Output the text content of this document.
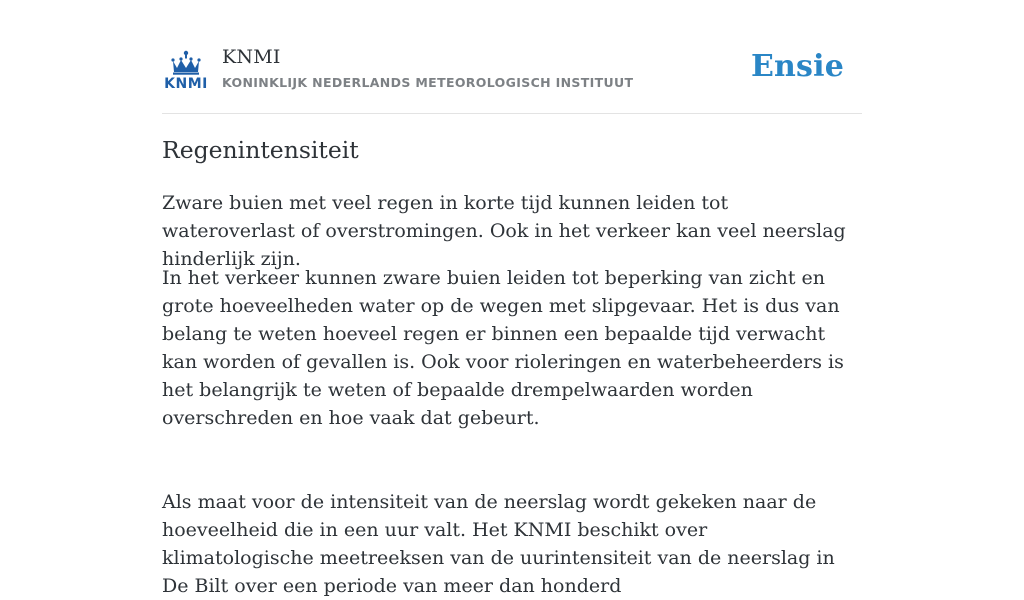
KNMI
KNMI
KONINKLIJK NEDERLANDS METEOROLOGISCH INSTITUUT	Ensie
Regenintensiteit

Zware buien met veel regen in korte tijd kunnen leiden tot wateroverlast of overstromingen. Ook in het verkeer kan veel neerslag hinderlijk zijn.

In het verkeer kunnen zware buien leiden tot beperking van zicht en grote hoeveelheden water op de wegen met slipgevaar. Het is dus van belang te weten hoeveel regen er binnen een bepaalde tijd verwacht kan worden of gevallen is. Ook voor rioleringen en waterbeheerders is het belangrijk te weten of bepaalde drempelwaarden worden overschreden en hoe vaak dat gebeurt.
Als maat voor de intensiteit van de neerslag wordt gekeken naar de hoeveelheid die in een uur valt. Het KNMI beschikt over klimatologische meetreeksen van de uurintensiteit van de neerslag in De Bilt over een periode van meer dan honderd
